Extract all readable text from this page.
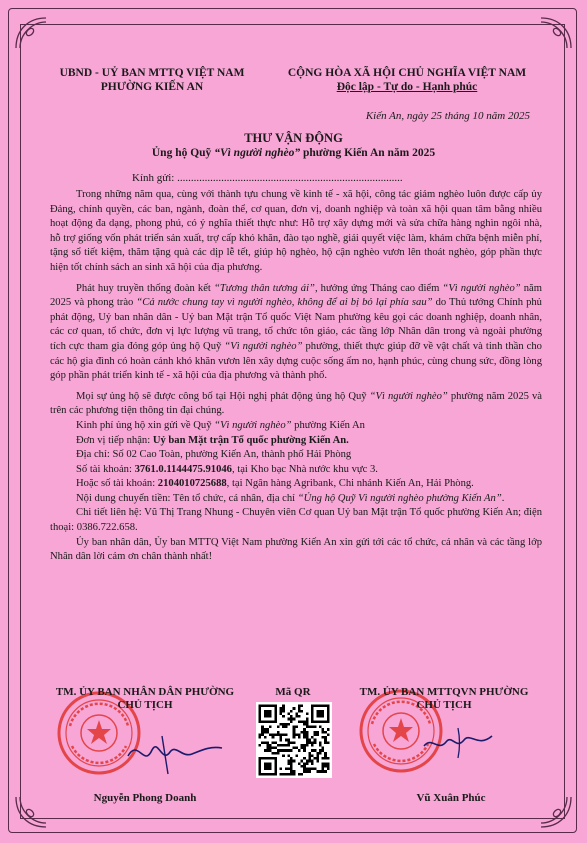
UBND - UỶ BAN MTTQ VIỆT NAM
PHƯỜNG KIẾN AN
CỘNG HÒA XÃ HỘI CHỦ NGHĨA VIỆT NAM
Độc lập - Tự do - Hạnh phúc
Kiến An, ngày 25 tháng 10 năm 2025
THƯ VẬN ĐỘNG
Ủng hộ Quỹ “Vì người nghèo” phường Kiến An năm 2025
Kính gửi: ..................................................................................

Trong những năm qua, cùng với thành tựu chung về kinh tế - xã hội, công tác giảm nghèo luôn được cấp ủy Đảng, chính quyền, các ban, ngành, đoàn thể, cơ quan, đơn vị, doanh nghiệp và toàn xã hội quan tâm bằng nhiều hoạt động đa dạng, phong phú, có ý nghĩa thiết thực như: Hỗ trợ xây dựng mới và sửa chữa hàng nghìn ngôi nhà, hỗ trợ giống vốn phát triển sản xuất, trợ cấp khó khăn, đào tạo nghề, giải quyết việc làm, khám chữa bệnh miễn phí, tặng sổ tiết kiệm, thăm tặng quà các dịp lễ tết, giúp hộ nghèo, hộ cận nghèo vươn lên thoát nghèo, góp phần thực hiện tốt chính sách an sinh xã hội của địa phương.

Phát huy truyền thống đoàn kết “Tương thân tương ái”, hưởng ứng Tháng cao điểm “Vì người nghèo” năm 2025 và phong trào “Cả nước chung tay vì người nghèo, không để ai bị bỏ lại phía sau” do Thủ tướng Chính phủ phát động, Uỷ ban nhân dân - Uỷ ban Mặt trận Tổ quốc Việt Nam phường kêu gọi các doanh nghiệp, doanh nhân, các cơ quan, tổ chức, đơn vị lực lượng vũ trang, tổ chức tôn giáo, các tầng lớp Nhân dân trong và ngoài phường tích cực tham gia đóng góp ủng hộ Quỹ “Vì người nghèo” phường, thiết thực giúp đỡ về vật chất và tinh thần cho các hộ gia đình có hoàn cảnh khó khăn vươn lên xây dựng cuộc sống ấm no, hạnh phúc, cùng chung sức, đồng lòng góp phần phát triển kinh tế - xã hội của địa phương và thành phố.

Mọi sự ủng hộ sẽ được công bố tại Hội nghị phát động ủng hộ Quỹ “Vì người nghèo” phường năm 2025 và trên các phương tiện thông tin đại chúng.

Kinh phí ủng hộ xin gửi về Quỹ “Vì người nghèo” phường Kiến An

Đơn vị tiếp nhận: Uỷ ban Mặt trận Tổ quốc phường Kiến An.

Địa chỉ: Số 02 Cao Toàn, phường Kiến An, thành phố Hải Phòng

Số tài khoản: 3761.0.1144475.91046, tại Kho bạc Nhà nước khu vực 3.

Hoặc số tài khoản: 2104010725688, tại Ngân hàng Agribank, Chi nhánh Kiến An, Hải Phòng.

Nội dung chuyển tiền: Tên tổ chức, cá nhân, địa chỉ “Ủng hộ Quỹ Vì người nghèo phường Kiến An”.

Chi tiết liên hệ: Vũ Thị Trang Nhung - Chuyên viên Cơ quan Uỷ ban Mặt trận Tổ quốc phường Kiến An; điện thoại: 0386.722.658.

Ủy ban nhân dân, Ủy ban MTTQ Việt Nam phường Kiến An xin gửi tới các tổ chức, cá nhân và các tầng lớp Nhân dân lời cảm ơn chân thành nhất!

TM. ỦY BAN NHÂN DÂN PHƯỜNG
CHỦ TỊCH
Mã QR	TM. ỦY BAN MTTQVN PHƯỜNG
CHỦ TỊCH
Nguyễn Phong Doanh	Vũ Xuân Phúc
